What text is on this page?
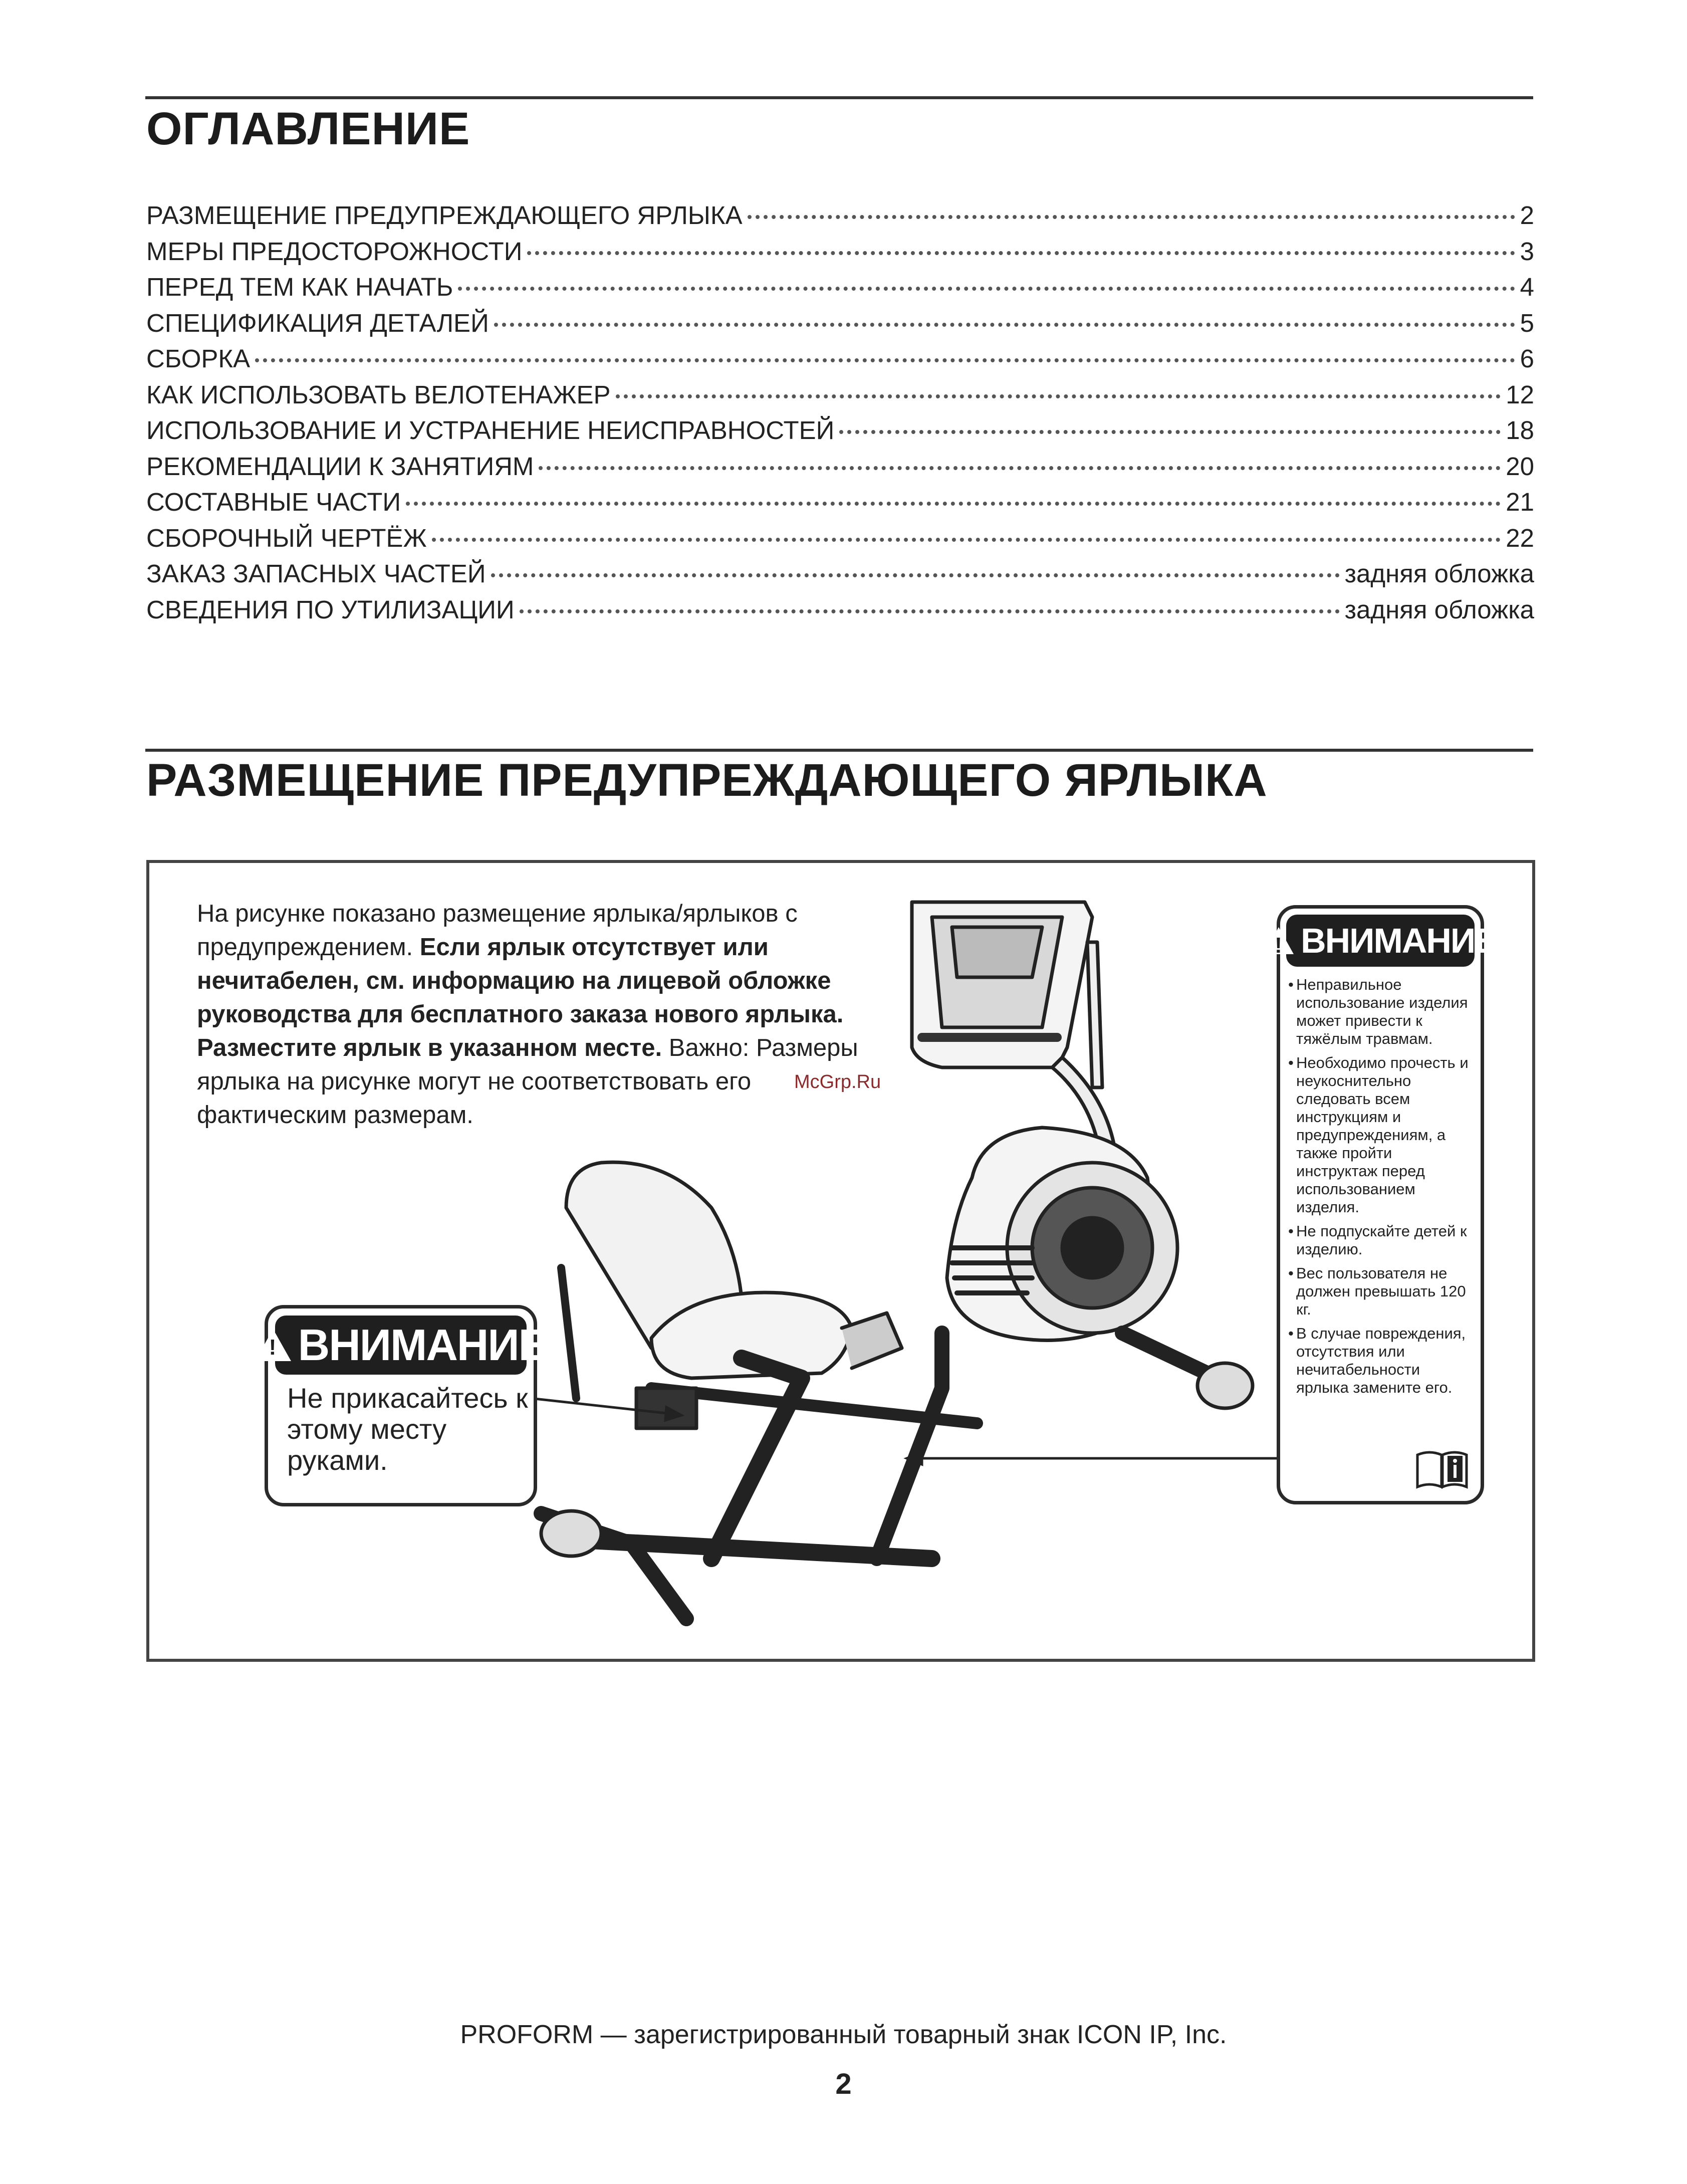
ОГЛАВЛЕНИЕ
РАЗМЕЩЕНИЕ ПРЕДУПРЕЖДАЮЩЕГО ЯРЛЫКА	2
МЕРЫ ПРЕДОСТОРОЖНОСТИ	3
ПЕРЕД ТЕМ КАК НАЧАТЬ	4
СПЕЦИФИКАЦИЯ ДЕТАЛЕЙ	5
СБОРКА	6
КАК ИСПОЛЬЗОВАТЬ ВЕЛОТЕНАЖЕР	12
ИСПОЛЬЗОВАНИЕ И УСТРАНЕНИЕ НЕИСПРАВНОСТЕЙ	18
РЕКОМЕНДАЦИИ К ЗАНЯТИЯМ	20
СОСТАВНЫЕ ЧАСТИ	21
СБОРОЧНЫЙ ЧЕРТЁЖ	22
ЗАКАЗ ЗАПАСНЫХ ЧАСТЕЙ	задняя обложка
СВЕДЕНИЯ ПО УТИЛИЗАЦИИ	задняя обложка
РАЗМЕЩЕНИЕ ПРЕДУПРЕЖДАЮЩЕГО ЯРЛЫКА
На рисунке показано размещение ярлыка/ярлыков с предупреждением. Если ярлык отсутствует или нечитабелен, см. информацию на лицевой обложке руководства для бесплатного заказа нового ярлыка. Разместите ярлык в указанном месте. Важно: Размеры ярлыка на рисунке могут не соответствовать его фактическим размерам.
McGrp.Ru
!
ВНИМАНИЕ
Не прикасайтесь к этому месту руками.
!
ВНИМАНИЕ
• Неправильное использование изделия может привести к тяжёлым травмам.
• Необходимо прочесть и неукоснительно следовать всем инструкциям и предупреждениям, а также пройти инструктаж перед использованием изделия.
• Не подпускайте детей к изделию.
• Вес пользователя не должен превышать 120 кг.
• В случае повреждения, отсутствия или нечитабельности ярлыка замените его.
PROFORM — зарегистрированный товарный знак ICON IP, Inc.
2
